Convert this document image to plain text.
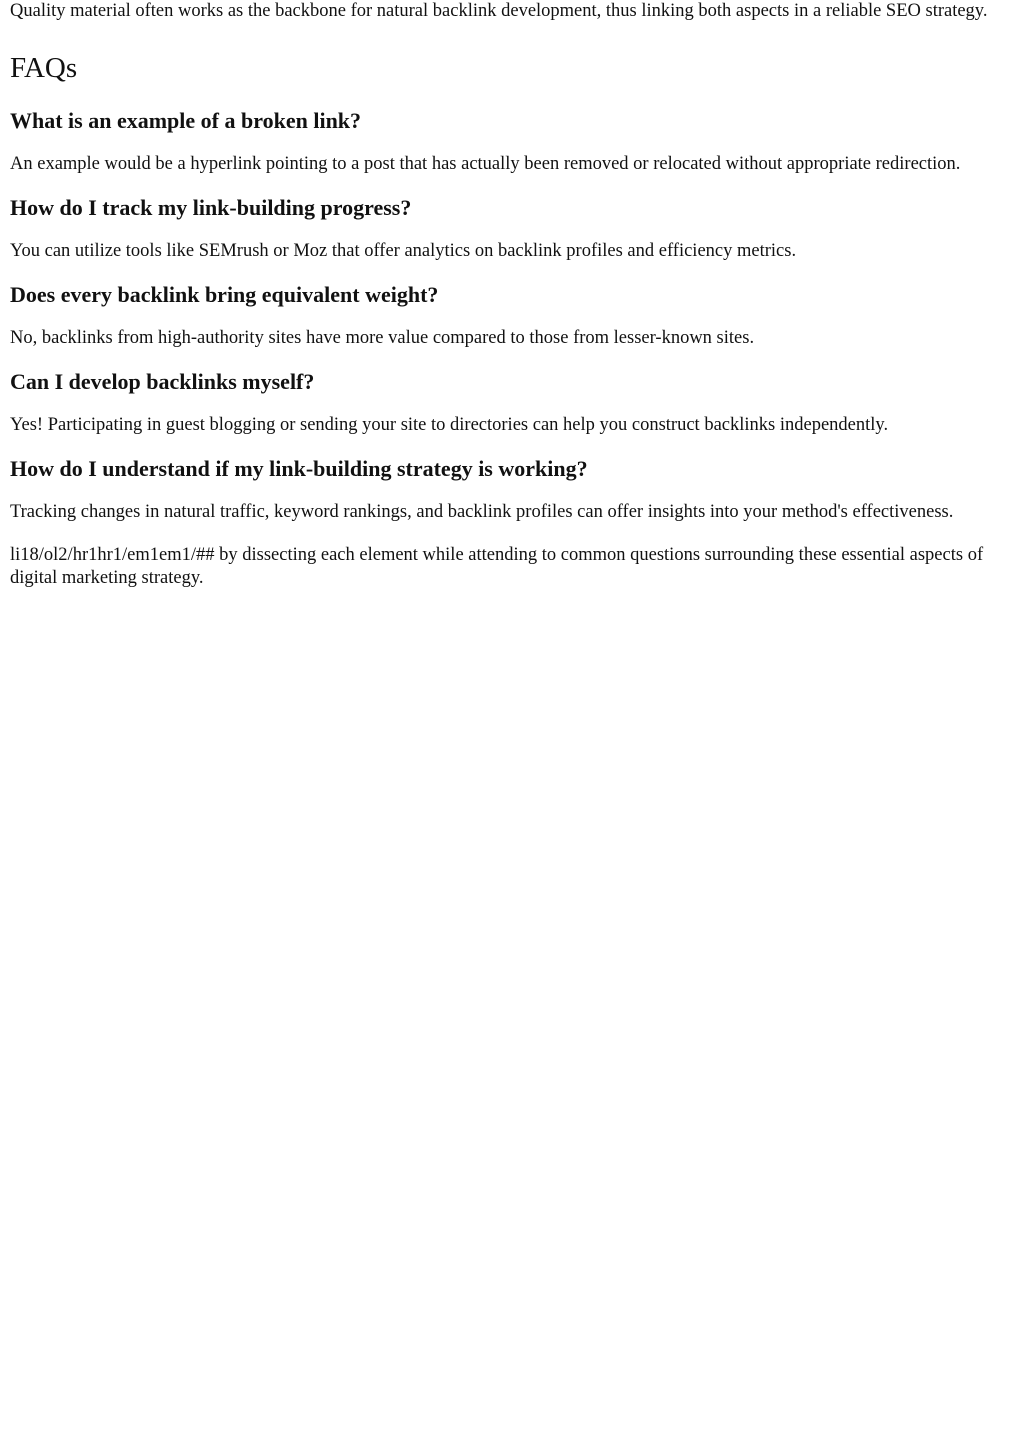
Quality material often works as the backbone for natural backlink development, thus linking both aspects in a reliable SEO strategy.

FAQs
What is an example of a broken link?

An example would be a hyperlink pointing to a post that has actually been removed or relocated without appropriate redirection.

How do I track my link-building progress?

You can utilize tools like SEMrush or Moz that offer analytics on backlink profiles and efficiency metrics.

Does every backlink bring equivalent weight?

No, backlinks from high-authority sites have more value compared to those from lesser-known sites.

Can I develop backlinks myself?

Yes! Participating in guest blogging or sending your site to directories can help you construct backlinks independently.

How do I understand if my link-building strategy is working?

Tracking changes in natural traffic, keyword rankings, and backlink profiles can offer insights into your method's effectiveness.

li18/ol2/hr1hr1/em1em1/## by dissecting each element while attending to common questions surrounding these essential aspects of digital marketing strategy.
